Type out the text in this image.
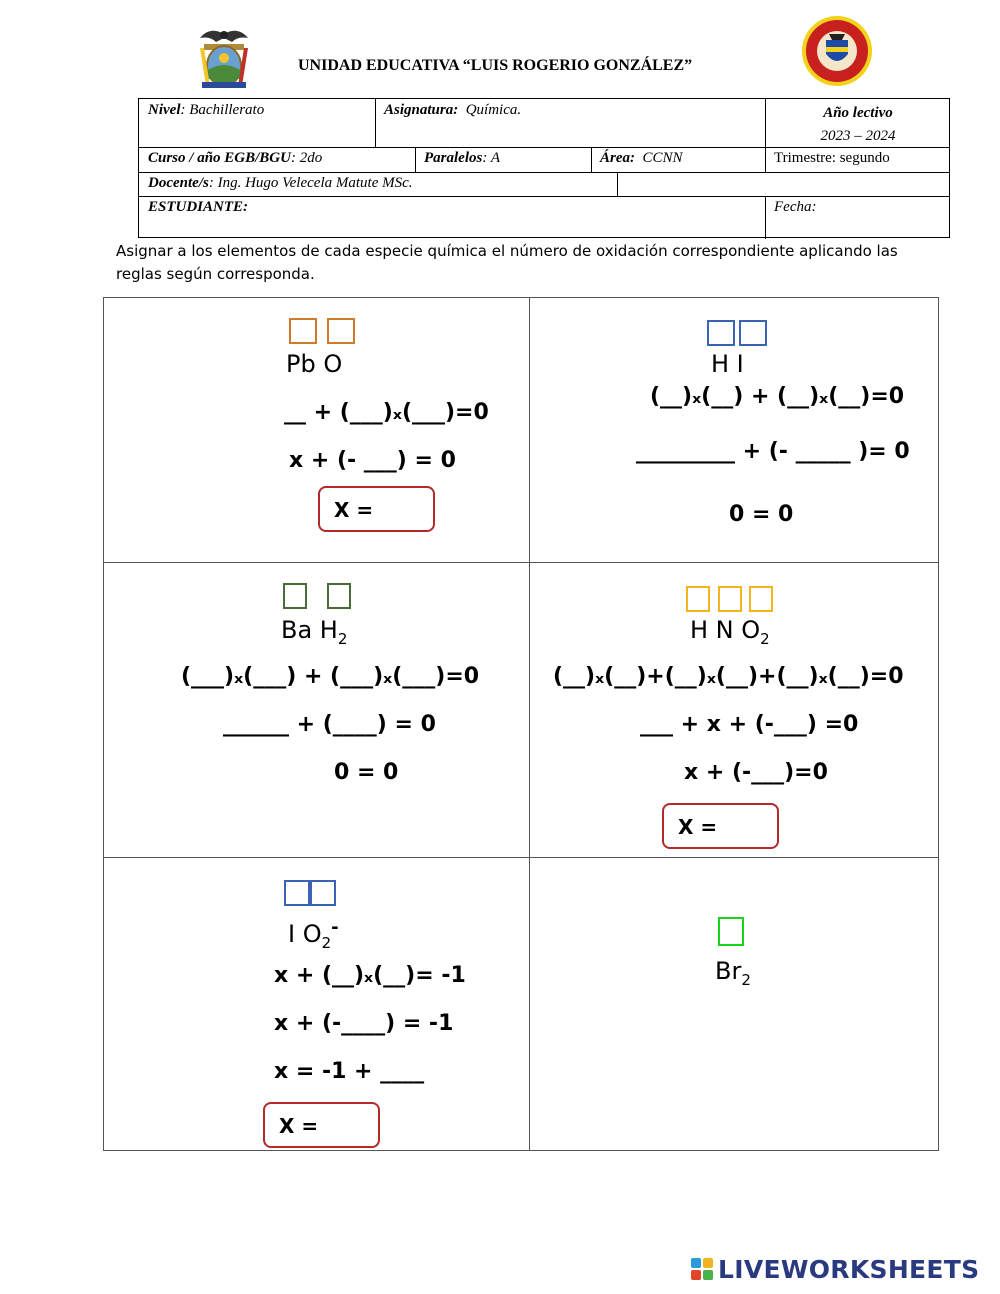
UNIDAD EDUCATIVA “LUIS ROGERIO GONZÁLEZ”
Nivel: Bachillerato	Asignatura: Química.	Año lectivo
2023 – 2024
Curso / año EGB/BGU: 2do	Paralelos: A	Área: CCNN	Trimestre: segundo
Docente/s: Ing. Hugo Velecela Matute MSc.
ESTUDIANTE:	Fecha:
Asignar a los elementos de cada especie química el número de oxidación correspondiente aplicando las reglas según corresponda.
Pb O
__ + (___)ₓ(___)=0
x + (- ___) = 0
X =
H I
(__)ₓ(__) + (__)ₓ(__)=0
_________ + (- _____ )= 0
0 = 0
Ba $H_2$
(___)ₓ(___) + (___)ₓ(___)=0
______ + (____) = 0
0 = 0
H N $O_2$
(__)ₓ(__)+(__)ₓ(__)+(__)ₓ(__)=0
___ + x + (-___) =0
x + (-___)=0
X =
I $O_2^-$
x + (__)ₓ(__)= -1
x + (-____) = -1
x = -1 + ____
X =
$Br_2$
LIVEWORKSHEETS
